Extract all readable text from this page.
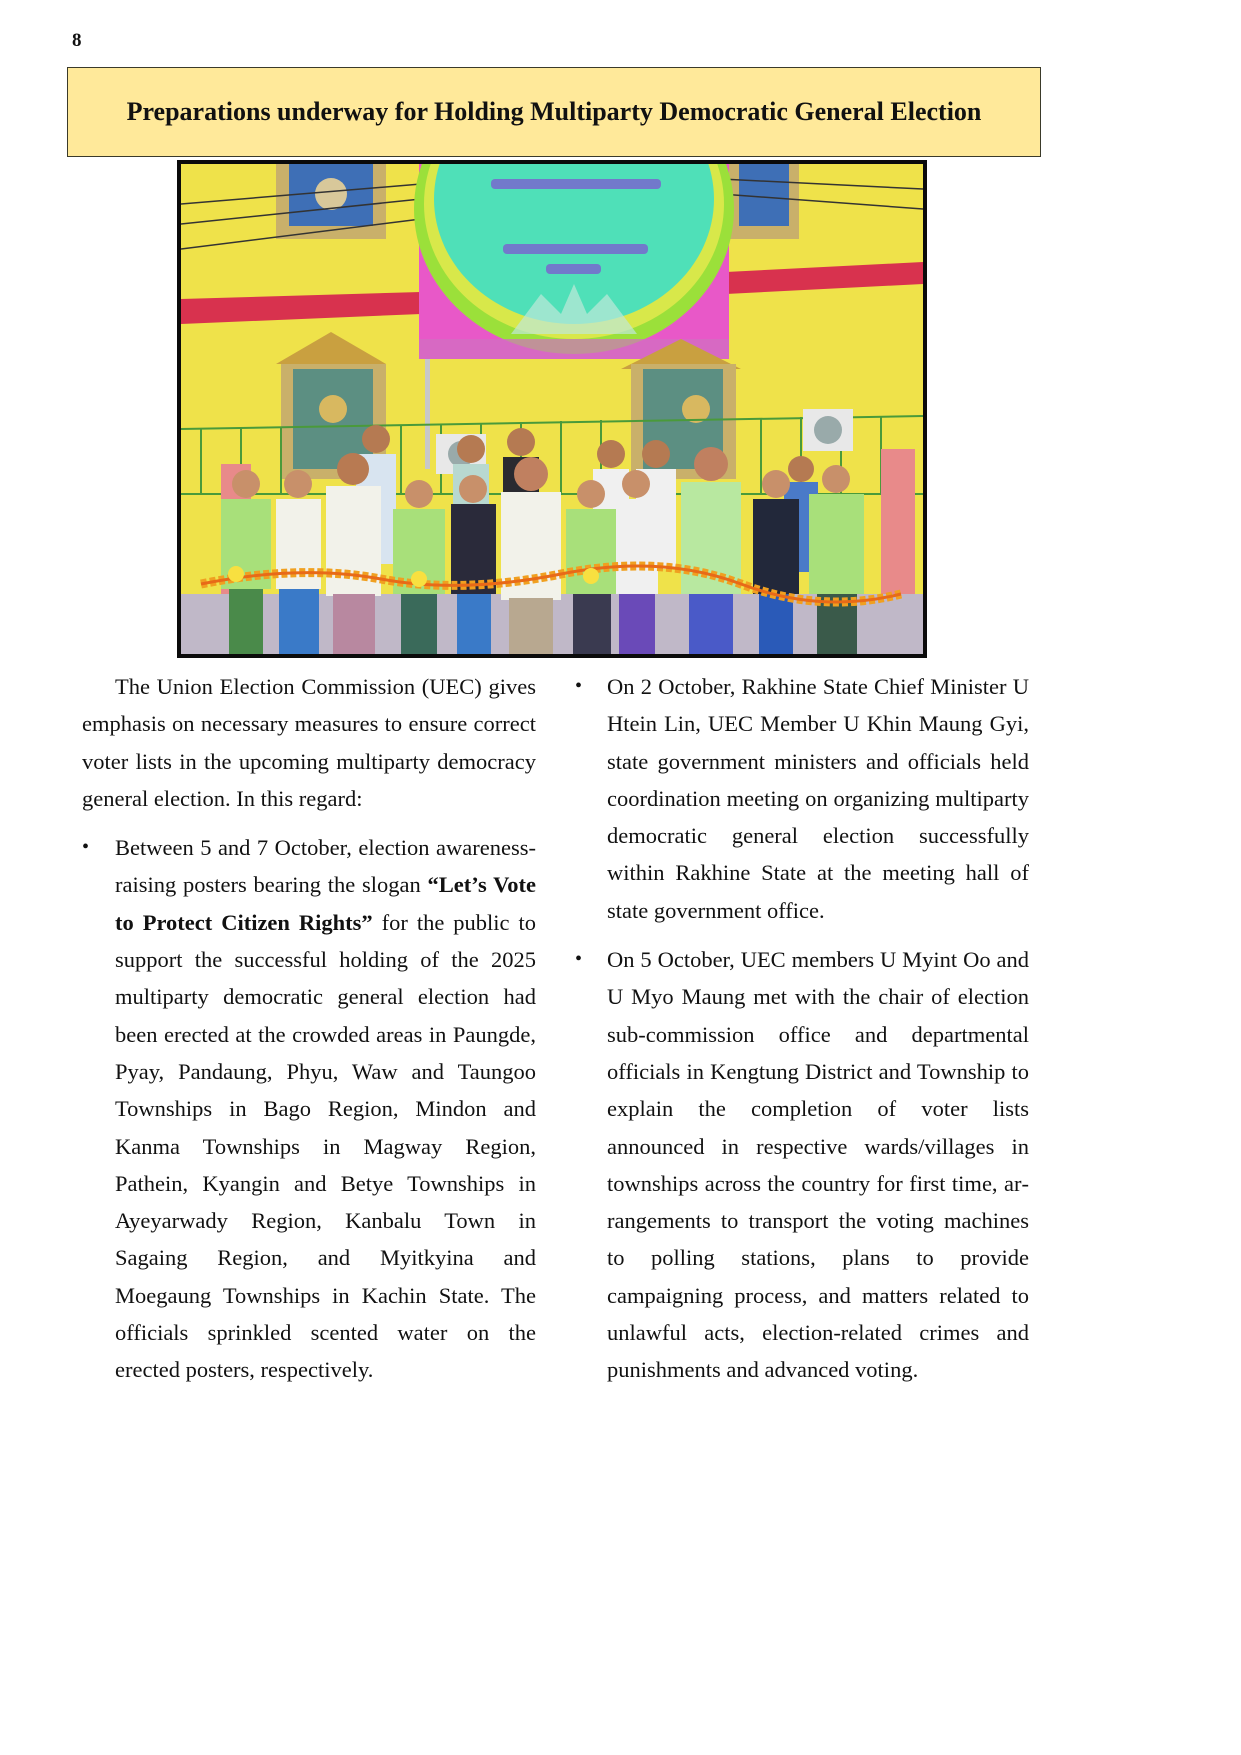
8
Preparations underway for Holding Multiparty Democratic General Election

The Union Election Commission (UEC) gives emphasis on necessary measures to ensure correct voter lists in the upcoming multiparty democracy general election. In this regard:

• Between 5 and 7 October, election awareness-raising posters bearing the slogan “Let’s Vote to Protect Citizen Rights” for the public to support the successful holding of the 2025 multiparty democratic general election had been erected at the crowded areas in Paungde, Pyay, Pandaung, Phyu, Waw and Taungoo Townships in Bago Region, Mindon and Kanma Townships in Magway Region, Pathein, Kyangin and Betye Townships in Ayeyarwady Region, Kanbalu Town in Sagaing Region, and Myitkyina and Moegaung Townships in Kachin State. The officials sprinkled scented water on the erected posters, respectively.
• On 2 October, Rakhine State Chief Minister U Htein Lin, UEC Member U Khin Maung Gyi, state government ministers and officials held coordination meeting on organizing multiparty democratic general election successfully within Rakhine State at the meeting hall of state government office.
• On 5 October, UEC members U Myint Oo and U Myo Maung met with the chair of election sub-commission office and departmental officials in Kengtung District and Township to explain the completion of voter lists announced in respective wards/villages in townships across the country for first time, arrangements to transport the voting machines to polling stations, plans to provide campaigning process, and matters related to unlawful acts, election-related crimes and punishments and advanced voting.
